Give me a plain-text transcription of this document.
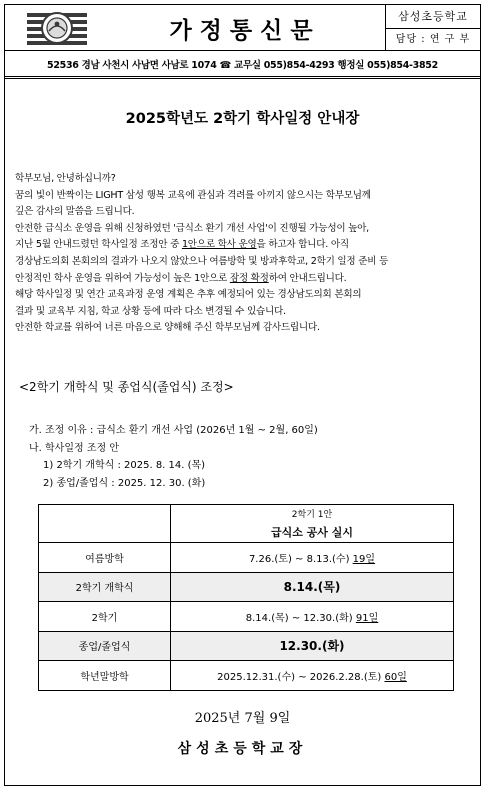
가정통신문
삼성초등학교
담당 : 연 구 부
52536 경남 사천시 사남면 사남로 1074 ☎ 교무실 055)854-4293 행정실 055)854-3852
2025학년도 2학기 학사일정 안내장

학부모님, 안녕하십니까?

꿈의 빛이 반짝이는 LIGHT 삼성 행복 교육에 관심과 격려를 아끼지 않으시는 학부모님께

깊은 감사의 말씀을 드립니다.

안전한 급식소 운영을 위해 신청하였던 '급식소 환기 개선 사업'이 진행될 가능성이 높아,

지난 5월 안내드렸던 학사일정 조정안 중 1안으로 학사 운영을 하고자 합니다. 아직

경상남도의회 본회의의 결과가 나오지 않았으나 여름방학 및 방과후학교, 2학기 일정 준비 등

안정적인 학사 운영을 위하여 가능성이 높은 1안으로 잠정 확정하여 안내드립니다.

해당 학사일정 및 연간 교육과정 운영 계획은 추후 예정되어 있는 경상남도의회 본회의

결과 및 교육부 지침, 학교 상황 등에 따라 다소 변경될 수 있습니다.

안전한 학교를 위하여 너른 마음으로 양해해 주신 학부모님께 감사드립니다.

<2학기 개학식 및 종업식(졸업식) 조정>
가. 조정 이유 : 급식소 환기 개선 사업 (2026년 1월 ~ 2월, 60일)
나. 학사일정 조정 안
1) 2학기 개학식 : 2025. 8. 14. (목)
2) 종업/졸업식 : 2025. 12. 30. (화)

	2학기 1안
급식소 공사 실시

여름방학	7.26.(토) ~ 8.13.(수) 19일
2학기 개학식	8.14.(목)
2학기	8.14.(목) ~ 12.30.(화) 91일
종업/졸업식	12.30.(화)
학년말방학	2025.12.31.(수) ~ 2026.2.28.(토) 60일
2025년 7월 9일
삼성초등학교장
